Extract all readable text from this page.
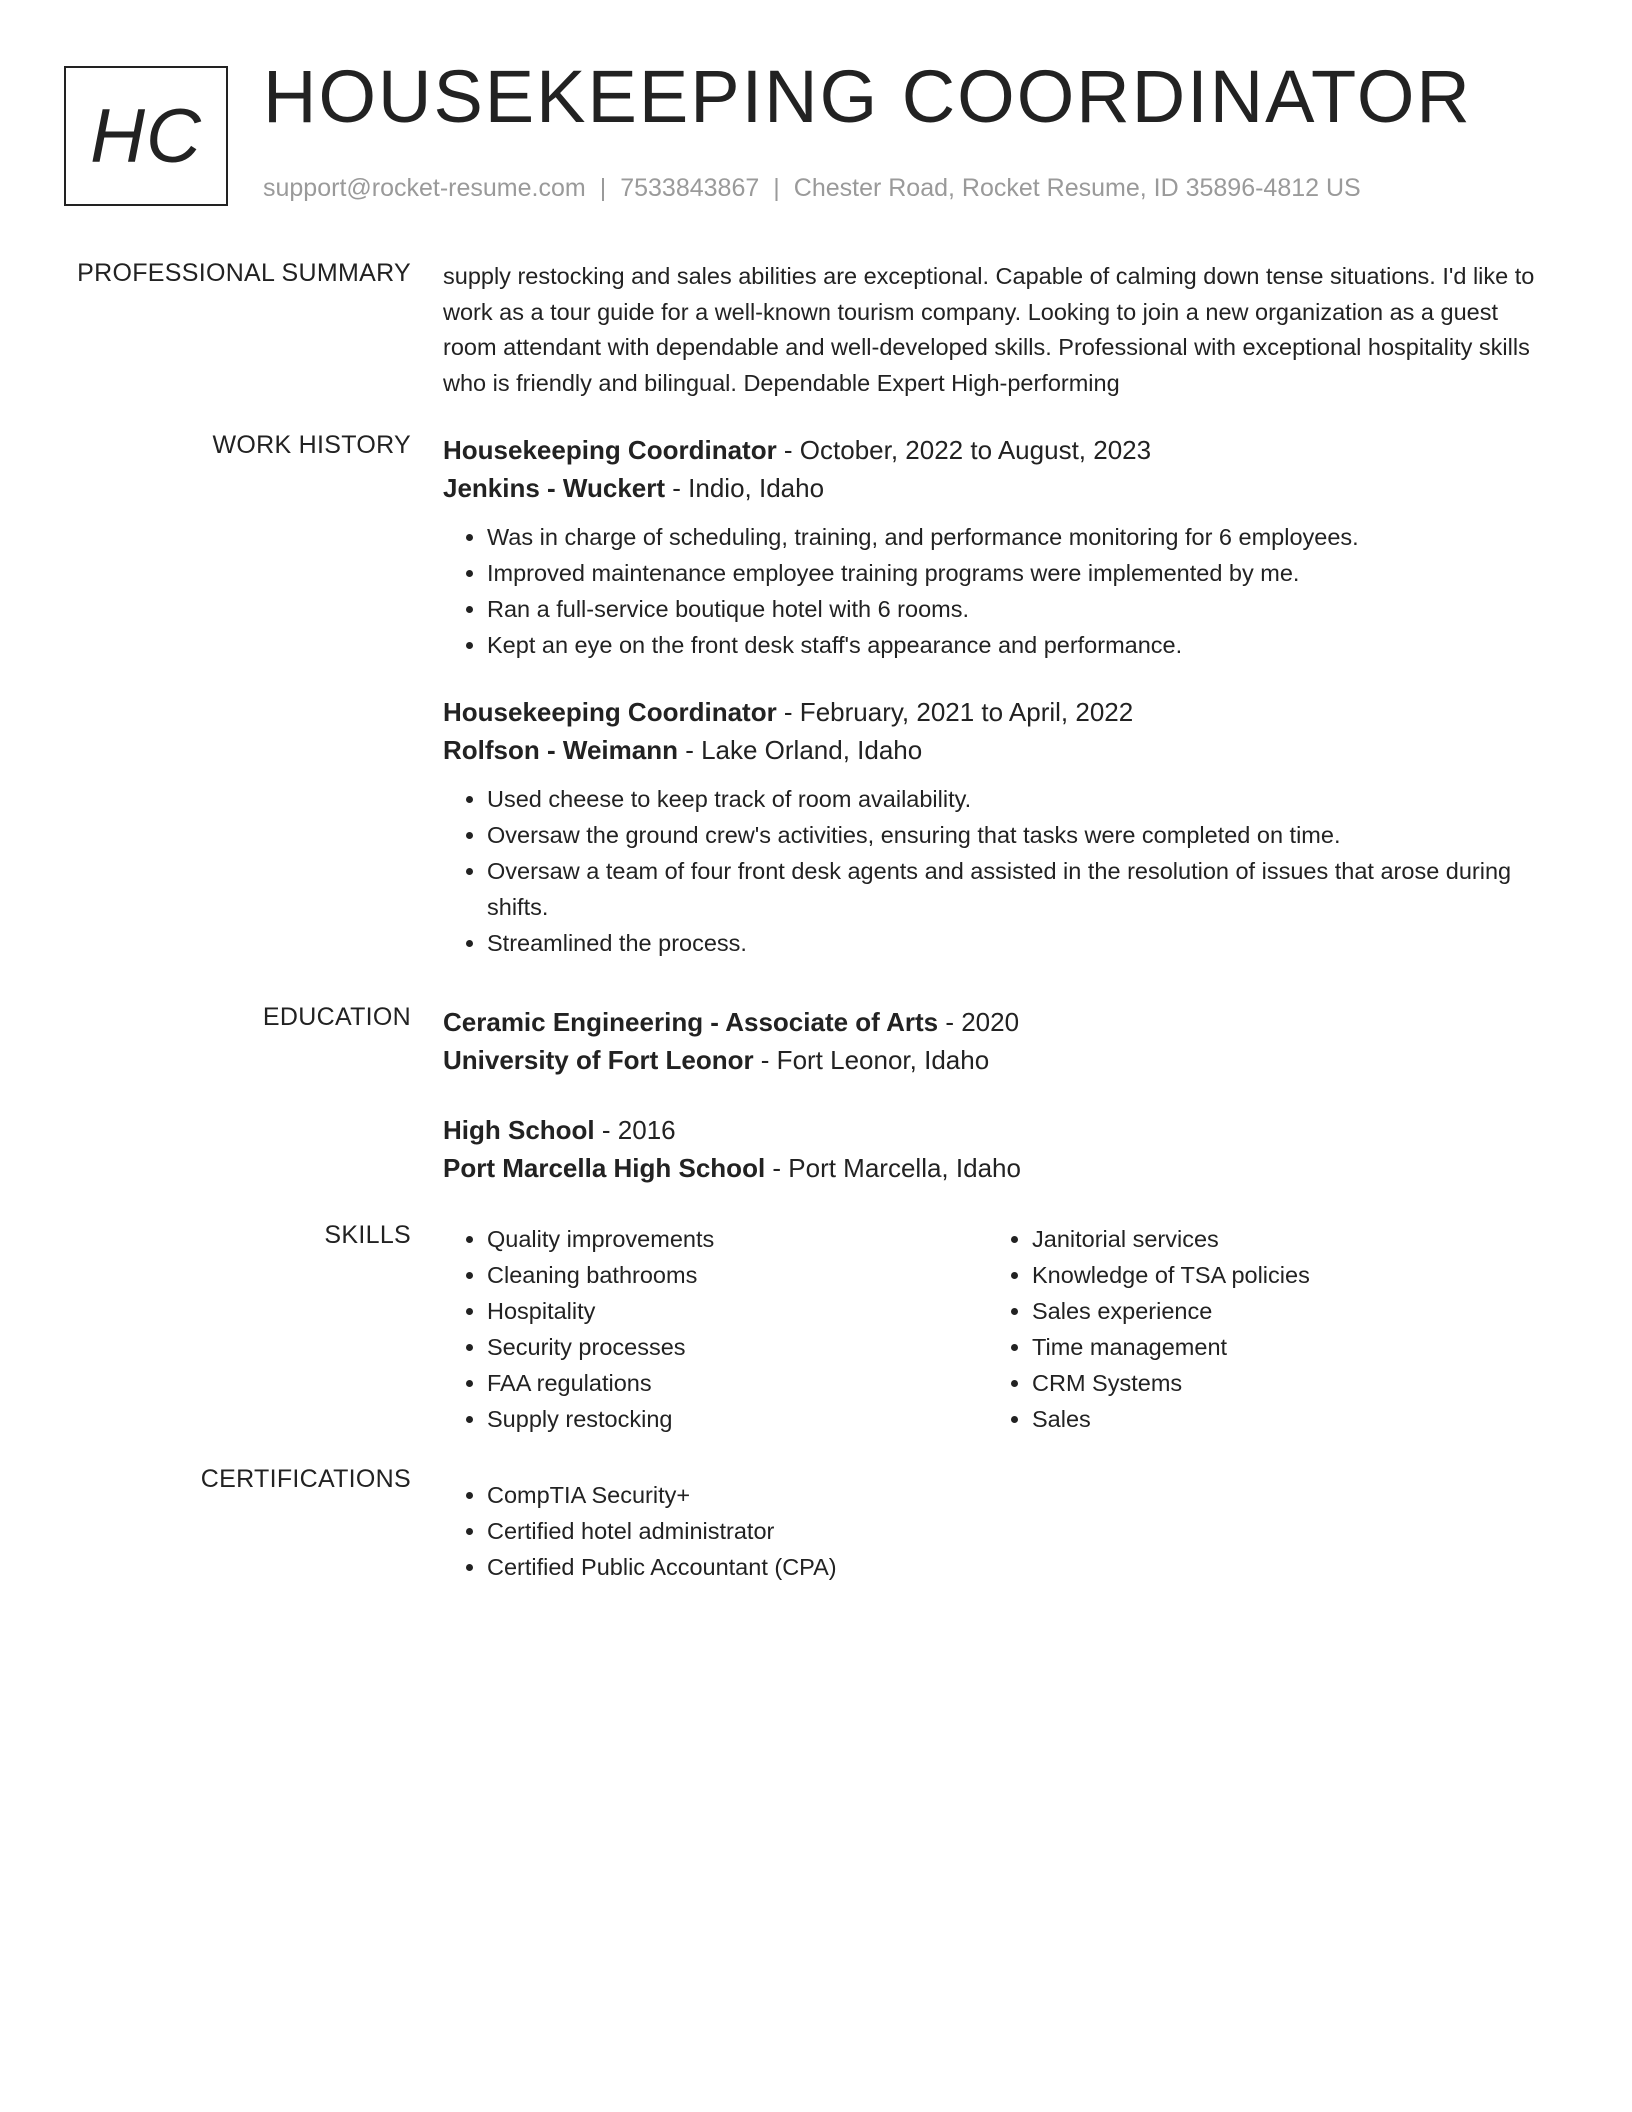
HC HOUSEKEEPING COORDINATOR
support@rocket-resume.com | 7533843867 | Chester Road, Rocket Resume, ID 35896-4812 US
PROFESSIONAL SUMMARY supply restocking and sales abilities are exceptional. Capable of calming down tense situations. I'd like to work as a tour guide for a well-known tourism company. Looking to join a new organization as a guest room attendant with dependable and well-developed skills. Professional with exceptional hospitality skills who is friendly and bilingual. Dependable Expert High-performing

WORK HISTORY Housekeeping Coordinator - October, 2022 to August, 2023
Jenkins - Wuckert - Indio, Idaho
• Was in charge of scheduling, training, and performance monitoring for 6 employees.
• Improved maintenance employee training programs were implemented by me.
• Ran a full-service boutique hotel with 6 rooms.
• Kept an eye on the front desk staff's appearance and performance.
Housekeeping Coordinator - February, 2021 to April, 2022
Rolfson - Weimann - Lake Orland, Idaho
• Used cheese to keep track of room availability.
• Oversaw the ground crew's activities, ensuring that tasks were completed on time.
• Oversaw a team of four front desk agents and assisted in the resolution of issues that arose during shifts.
• Streamlined the process.
EDUCATION Ceramic Engineering - Associate of Arts - 2020
University of Fort Leonor - Fort Leonor, Idaho
High School - 2016
Port Marcella High School - Port Marcella, Idaho
SKILLS
•	Quality improvements
• Cleaning bathrooms
• Hospitality
• Security processes
• FAA regulations
• Supply restocking
• Janitorial services
• Knowledge of TSA policies
• Sales experience
• Time management
• CRM Systems
• Sales
CERTIFICATIONS
• CompTIA Security+
• Certified hotel administrator
• Certified Public Accountant (CPA)
